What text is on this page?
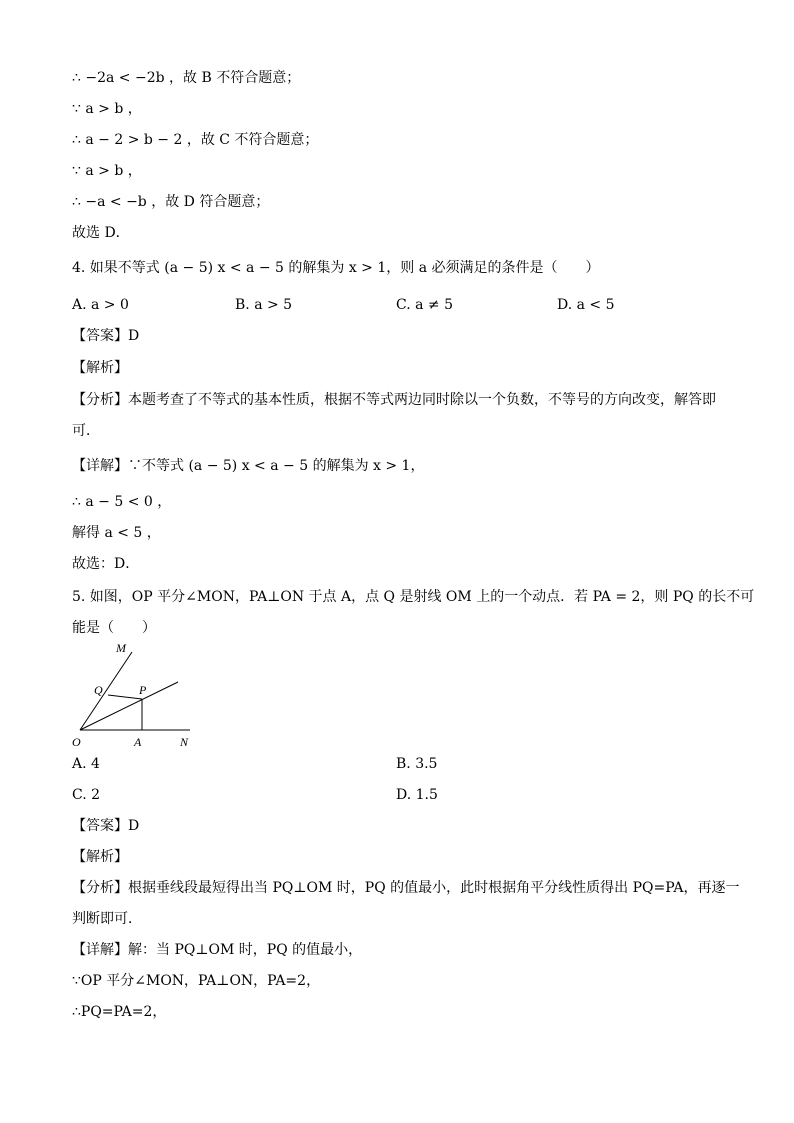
∴ −2a < −2b ，故 B 不符合题意；
∵ a > b ，
∴ a − 2 > b − 2 ，故 C 不符合题意；
∵ a > b ，
∴ −a < −b ，故 D 符合题意；
故选 D．
4. 如果不等式 (a − 5) x < a − 5 的解集为 x > 1，则 a 必须满足的条件是（　　）
A. a > 0	B. a > 5	C. a ≠ 5	D. a < 5
【答案】D
【解析】
【分析】本题考查了不等式的基本性质，根据不等式两边同时除以一个负数，不等号的方向改变，解答即
可．
【详解】∵不等式 (a − 5) x < a − 5 的解集为 x > 1，
∴ a − 5 < 0 ，
解得 a < 5 ，
故选：D．
5. 如图，OP 平分∠MON，PA⊥ON 于点 A，点 Q 是射线 OM 上的一个动点．若 PA = 2，则 PQ 的长不可
能是（　　）
M
Q	P
O	A	N
A. 4	B. 3.5
C. 2	D. 1.5
【答案】D
【解析】
【分析】根据垂线段最短得出当 PQ⊥OM 时，PQ 的值最小，此时根据角平分线性质得出 PQ=PA，再逐一
判断即可．
【详解】解：当 PQ⊥OM 时，PQ 的值最小，
∵OP 平分∠MON，PA⊥ON，PA=2，
∴PQ=PA=2，
